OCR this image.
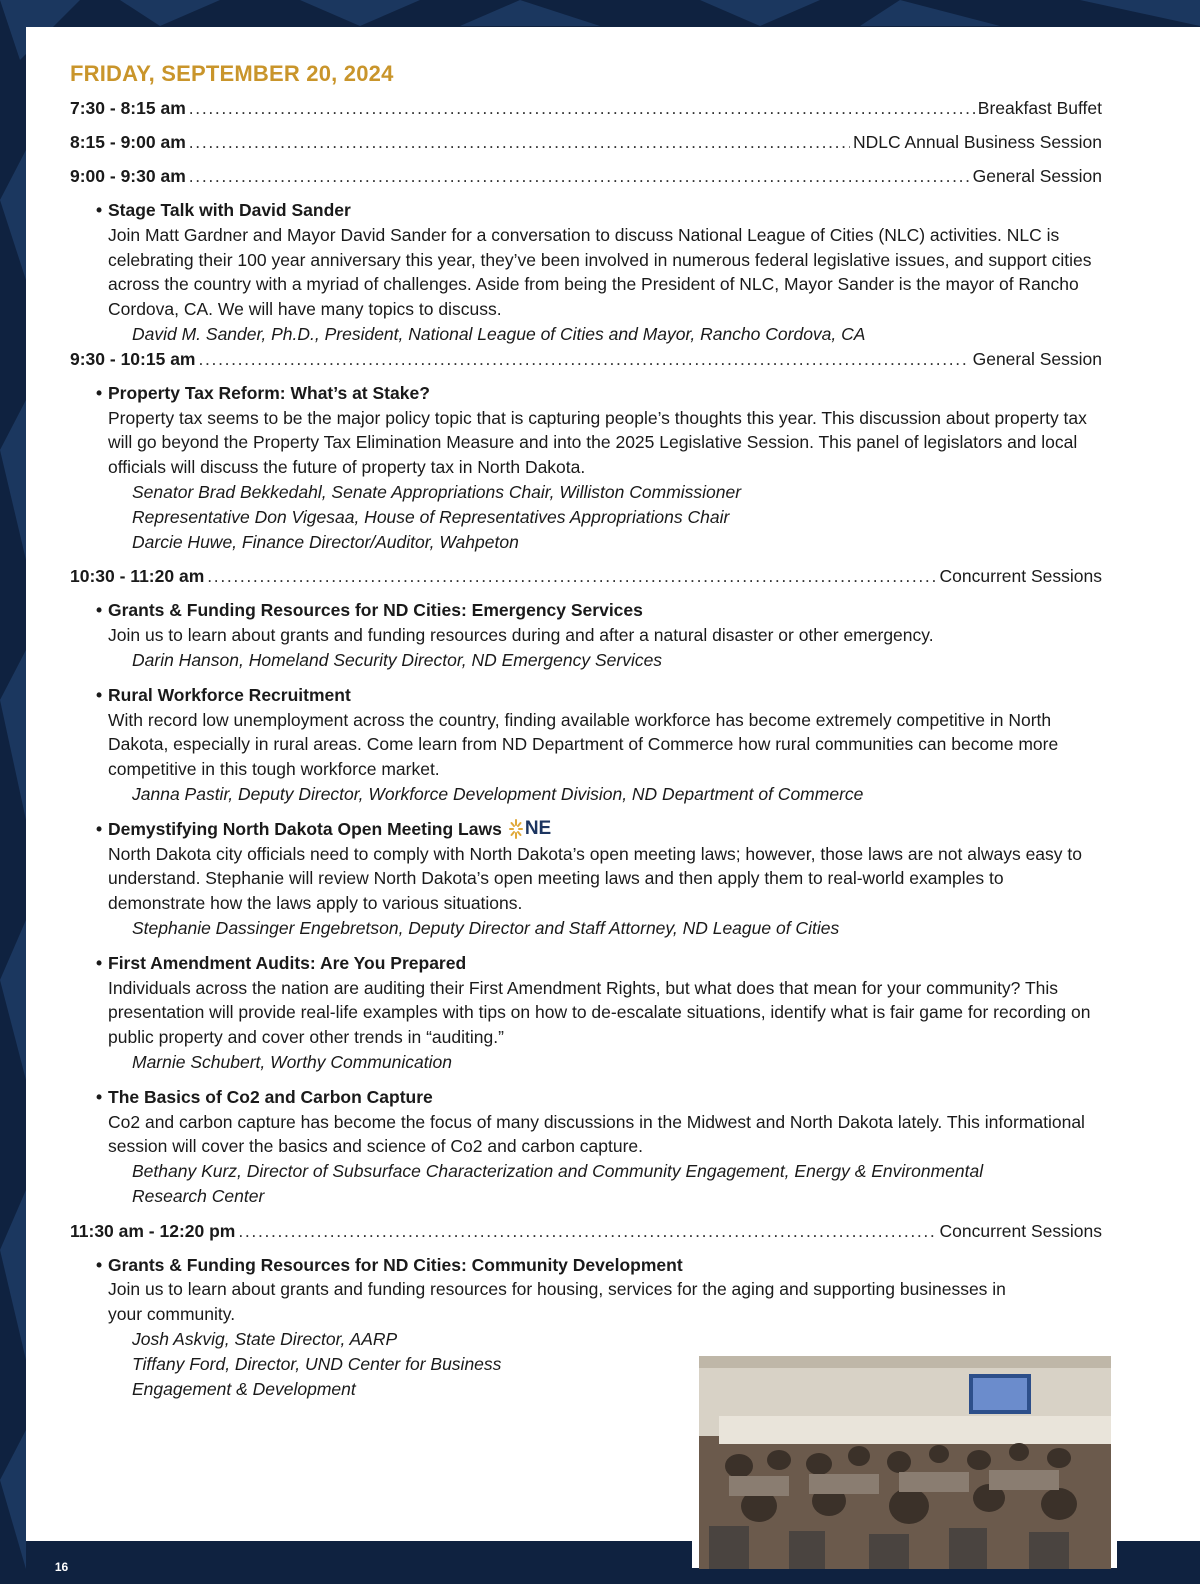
FRIDAY, SEPTEMBER 20, 2024
7:30 - 8:15 am . . .	Breakfast Buffet
8:15 - 9:00 am . . .	NDLC Annual Business Session
9:00 - 9:30 am . . .	General Session
• Stage Talk with David Sander
Join Matt Gardner and Mayor David Sander for a conversation to discuss National League of Cities (NLC) activities. NLC is celebrating their 100 year anniversary this year, they’ve been involved in numerous federal legislative issues, and support cities across the country with a myriad of challenges. Aside from being the President of NLC, Mayor Sander is the mayor of Rancho Cordova, CA. We will have many topics to discuss.
David M. Sander, Ph.D., President, National League of Cities and Mayor, Rancho Cordova, CA
9:30 - 10:15 am . . .	General Session
• Property Tax Reform: What’s at Stake?
Property tax seems to be the major policy topic that is capturing people’s thoughts this year. This discussion about property tax will go beyond the Property Tax Elimination Measure and into the 2025 Legislative Session. This panel of legislators and local officials will discuss the future of property tax in North Dakota.
Senator Brad Bekkedahl, Senate Appropriations Chair, Williston Commissioner
Representative Don Vigesaa, House of Representatives Appropriations Chair
Darcie Huwe, Finance Director/Auditor, Wahpeton
10:30 - 11:20 am . . .	Concurrent Sessions
• Grants & Funding Resources for ND Cities: Emergency Services
Join us to learn about grants and funding resources during and after a natural disaster or other emergency.
Darin Hanson, Homeland Security Director, ND Emergency Services
• Rural Workforce Recruitment
With record low unemployment across the country, finding available workforce has become extremely competitive in North Dakota, especially in rural areas. Come learn from ND Department of Commerce how rural communities can become more competitive in this tough workforce market.
Janna Pastir, Deputy Director, Workforce Development Division, ND Department of Commerce
• Demystifying North Dakota Open Meeting Laws NE
North Dakota city officials need to comply with North Dakota’s open meeting laws; however, those laws are not always easy to understand. Stephanie will review North Dakota’s open meeting laws and then apply them to real-world examples to demonstrate how the laws apply to various situations.
Stephanie Dassinger Engebretson, Deputy Director and Staff Attorney, ND League of Cities
• First Amendment Audits: Are You Prepared
Individuals across the nation are auditing their First Amendment Rights, but what does that mean for your community? This presentation will provide real-life examples with tips on how to de-escalate situations, identify what is fair game for recording on public property and cover other trends in “auditing.”
Marnie Schubert, Worthy Communication
• The Basics of Co2 and Carbon Capture
Co2 and carbon capture has become the focus of many discussions in the Midwest and North Dakota lately. This informational session will cover the basics and science of Co2 and carbon capture.
Bethany Kurz, Director of Subsurface Characterization and Community Engagement, Energy & Environmental Research Center
11:30 am - 12:20 pm . . .	Concurrent Sessions
• Grants & Funding Resources for ND Cities: Community Development
Join us to learn about grants and funding resources for housing, services for the aging and supporting businesses in your community.
Josh Askvig, State Director, AARP
Tiffany Ford, Director, UND Center for Business Engagement & Development
16
